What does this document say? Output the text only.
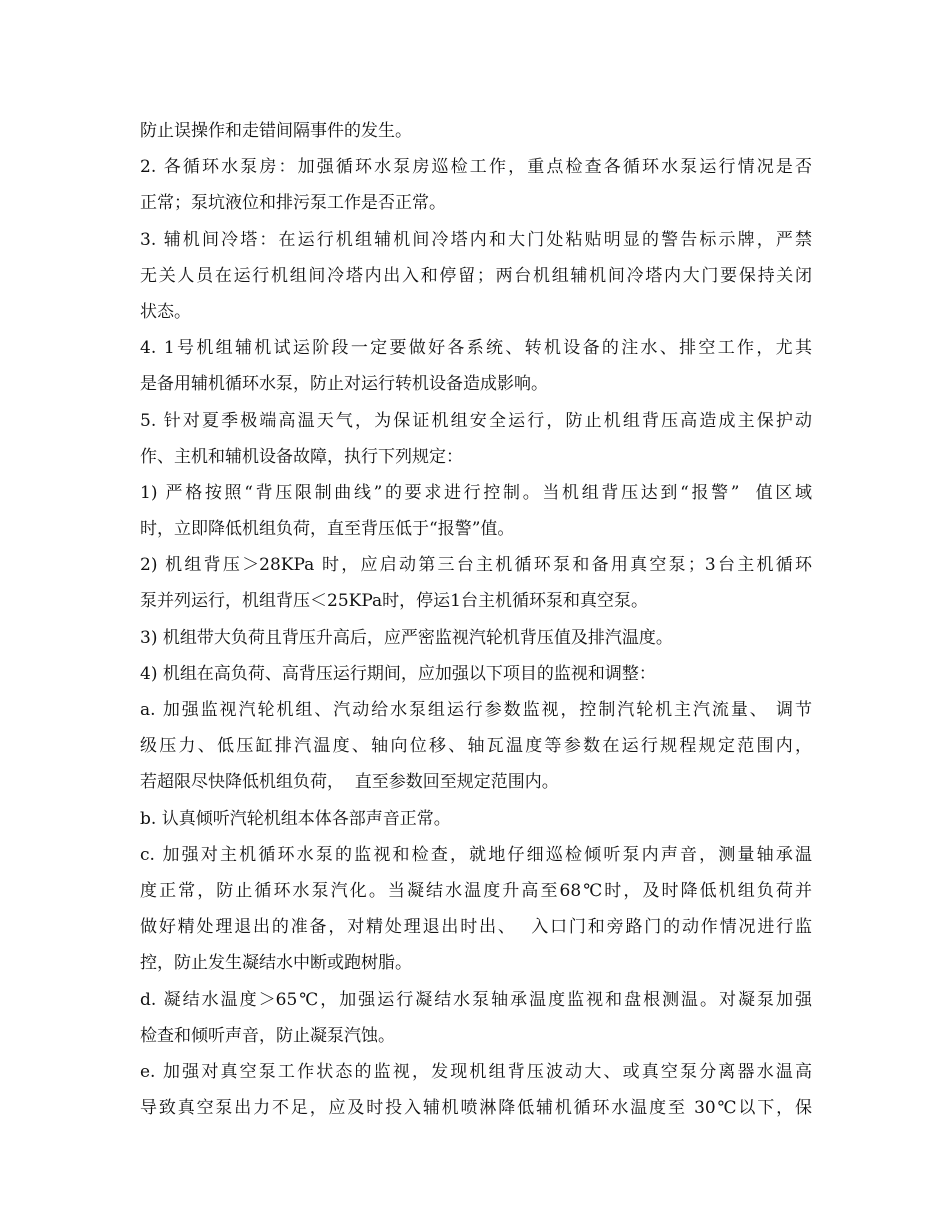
防止误操作和走错间隔事件的发生。
2. 各循环水泵房：加强循环水泵房巡检工作，重点检查各循环水泵运行情况是否
正常；泵坑液位和排污泵工作是否正常。
3. 辅机间冷塔：在运行机组辅机间冷塔内和大门处粘贴明显的警告标示牌，严禁
无关人员在运行机组间冷塔内出入和停留；两台机组辅机间冷塔内大门要保持关闭
状态。
4. 1号机组辅机试运阶段一定要做好各系统、转机设备的注水、排空工作，尤其
是备用辅机循环水泵，防止对运行转机设备造成影响。
5. 针对夏季极端高温天气，为保证机组安全运行，防止机组背压高造成主保护动
作、主机和辅机设备故障，执行下列规定：
1) 严格按照“背压限制曲线”的要求进行控制。当机组背压达到“报警”  值区域
时，立即降低机组负荷，直至背压低于“报警”值。
2) 机组背压＞28KPa 时，应启动第三台主机循环泵和备用真空泵；3台主机循环
泵并列运行，机组背压＜25KPa时，停运1台主机循环泵和真空泵。
3) 机组带大负荷且背压升高后，应严密监视汽轮机背压值及排汽温度。
4) 机组在高负荷、高背压运行期间，应加强以下项目的监视和调整：
a. 加强监视汽轮机组、汽动给水泵组运行参数监视，控制汽轮机主汽流量、 调节
级压力、低压缸排汽温度、轴向位移、轴瓦温度等参数在运行规程规定范围内，
若超限尽快降低机组负荷，  直至参数回至规定范围内。
b. 认真倾听汽轮机组本体各部声音正常。
c. 加强对主机循环水泵的监视和检查，就地仔细巡检倾听泵内声音，测量轴承温
度正常，防止循环水泵汽化。当凝结水温度升高至68℃时，及时降低机组负荷并
做好精处理退出的准备，对精处理退出时出、  入口门和旁路门的动作情况进行监
控，防止发生凝结水中断或跑树脂。
d. 凝结水温度＞65℃，加强运行凝结水泵轴承温度监视和盘根测温。对凝泵加强
检查和倾听声音，防止凝泵汽蚀。
e. 加强对真空泵工作状态的监视，发现机组背压波动大、或真空泵分离器水温高
导致真空泵出力不足，应及时投入辅机喷淋降低辅机循环水温度至 30℃以下，保
